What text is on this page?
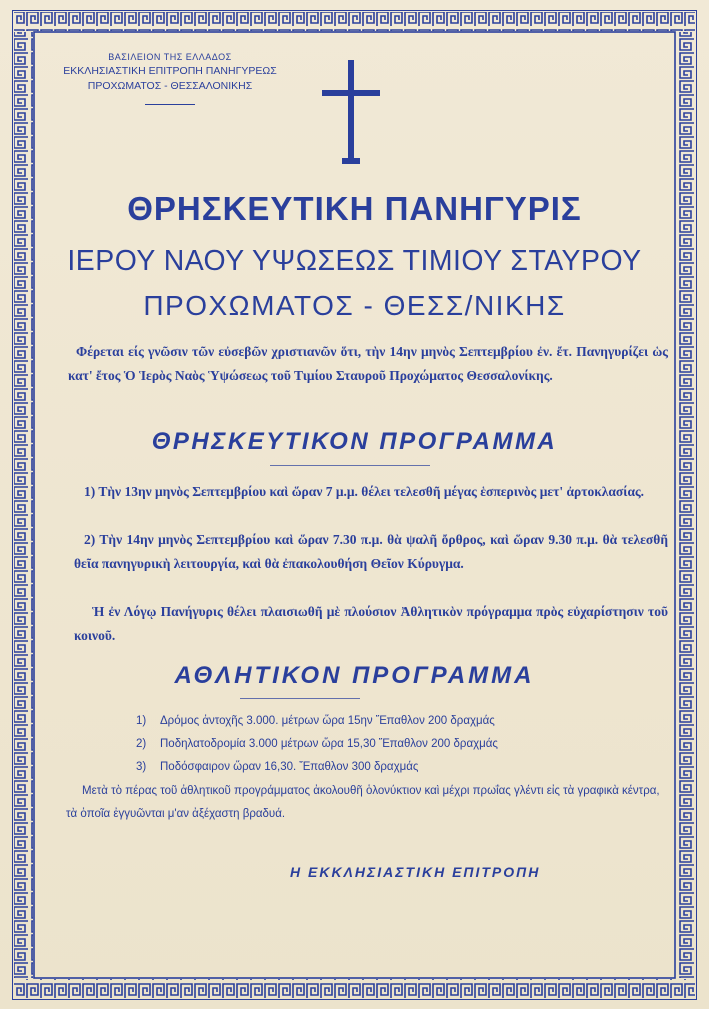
ΒΑΣΙΛΕΙΟΝ ΤΗΣ ΕΛΛΑΔΟΣ
ΕΚΚΛΗΣΙΑΣΤΙΚΗ ΕΠΙΤΡΟΠΗ ΠΑΝΗΓΥΡΕΩΣ
ΠΡΟΧΩΜΑΤΟΣ - ΘΕΣΣΑΛΟΝΙΚΗΣ
ΘΡΗΣΚΕΥΤΙΚΗ ΠΑΝΗΓΥΡΙΣ
ΙΕΡΟΥ ΝΑΟΥ ΥΨΩΣΕΩΣ ΤΙΜΙΟΥ ΣΤΑΥΡΟΥ
ΠΡΟΧΩΜΑΤΟΣ - ΘΕΣΣ/ΝΙΚΗΣ
Φέρεται είς γνῶσιν τῶν εὐσεβῶν χριστιανῶν ὅτι, τὴν 14ην μηνὸς Σεπτεμβρίου ἐν. ἔτ. Πανηγυρίζει ὡς κατ' ἔτος Ὁ Ἱερὸς Ναὸς Ὑψώσεως τοῦ Τιμίου Σταυροῦ Προχώματος Θεσσαλονίκης.
ΘΡΗΣΚΕΥΤΙΚΟΝ ΠΡΟΓΡΑΜΜΑ
1) Τὴν 13ην μηνὸς Σεπτεμβρίου καὶ ὥραν 7 μ.μ. θέλει τελεσθῆ μέγας ἑσπερινὸς μετ' ἀρτοκλασίας.
2) Τὴν 14ην μηνὸς Σεπτεμβρίου καὶ ὥραν 7.30 π.μ. θὰ ψαλῆ ὄρθρος, καὶ ὥραν 9.30 π.μ. θὰ τελεσθῆ θεῖα πανηγυρικὴ λειτουργία, καὶ θὰ ἐπακολουθήση Θεῖον Κύρυγμα.
Ἡ ἐν Λόγῳ Πανήγυρις θέλει πλαισιωθῆ μὲ πλούσιον Ἀθλητικὸν πρόγραμμα πρὸς εὐχαρίστησιν τοῦ κοινοῦ.
ΑΘΛΗΤΙΚΟΝ ΠΡΟΓΡΑΜΜΑ
1) Δρόμος ἀντοχῆς 3.000. μέτρων ὥρα 15ην Ἔπαθλον 200 δραχμάς
2) Ποδηλατοδρομία 3.000 μέτρων ὥρα 15,30 Ἔπαθλον 200 δραχμάς
3) Ποδόσφαιρον ὥραν 16,30. Ἔπαθλον 300 δραχμάς
Μετὰ τὸ πέρας τοῦ ἀθλητικοῦ προγράμματος ἀκολουθῆ ὁλονύκτιον καὶ μέχρι πρωΐας γλέντι εἰς τὰ γραφικὰ κέντρα, τὰ ὁποῖα ἐγγυῶνται μ'αν ἀξέχαστη βραδυά.
Η ΕΚΚΛΗΣΙΑΣΤΙΚΗ ΕΠΙΤΡΟΠΗ
